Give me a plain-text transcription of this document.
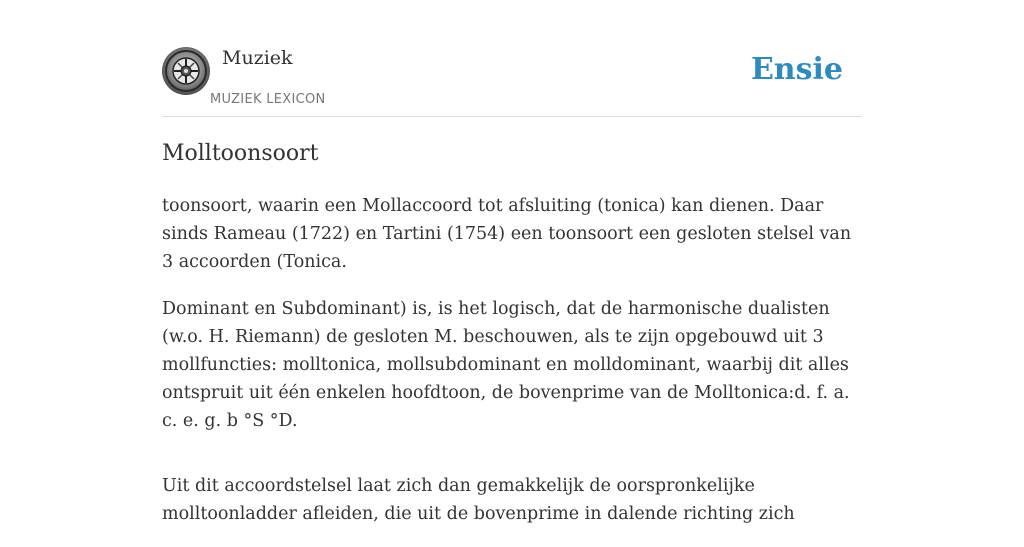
Muziek
MUZIEK LEXICON
Ensie
Molltoonsoort

toonsoort, waarin een Mollaccoord tot afsluiting (tonica) kan dienen. Daar sinds Rameau (1722) en Tartini (1754) een toonsoort een gesloten stelsel van 3 accoorden (Tonica.

Dominant en Subdominant) is, is het logisch, dat de harmonische dualisten (w.o. H. Riemann) de gesloten M. beschouwen, als te zijn opgebouwd uit 3 mollfuncties: molltonica, mollsubdominant en molldominant, waarbij dit alles ontspruit uit één enkelen hoofdtoon, de bovenprime van de Molltonica:d. f. a. c. e. g. b °S °D.

Uit dit accoordstelsel laat zich dan gemakkelijk de oorspronkelijke molltoonladder afleiden, die uit de bovenprime in dalende richting zich
